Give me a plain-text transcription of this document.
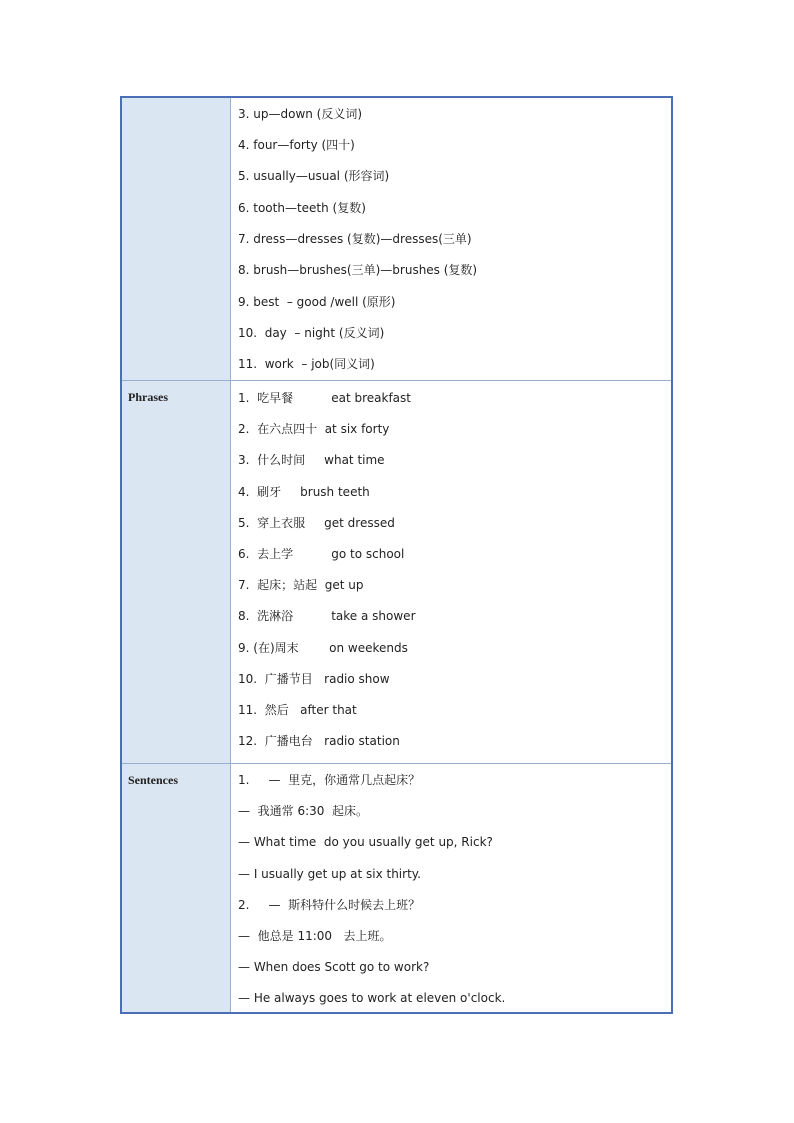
3. up—down (反义词)
4. four—forty (四十)
5. usually—usual (形容词)
6. tooth—teeth (复数)
7. dress—dresses (复数)—dresses(三单)
8. brush—brushes(三单)—brushes (复数)
9. best  – good /well (原形)
10.  day  – night (反义词)
11.  work  – job(同义词)
Phrases	1.  吃早餐          eat breakfast
2.  在六点四十  at six forty
3.  什么时间     what time
4.  刷牙     brush teeth
5.  穿上衣服     get dressed
6.  去上学          go to school
7.  起床；站起  get up
8.  洗淋浴          take a shower
9. (在)周末        on weekends
10.  广播节目   radio show
11.  然后   after that
12.  广播电台   radio station
Sentences	1.     —  里克，你通常几点起床？
—  我通常 6:30  起床。
— What time  do you usually get up, Rick?
— I usually get up at six thirty.
2.     —  斯科特什么时候去上班？
—  他总是 11:00   去上班。
— When does Scott go to work?
— He always goes to work at eleven o'clock.
